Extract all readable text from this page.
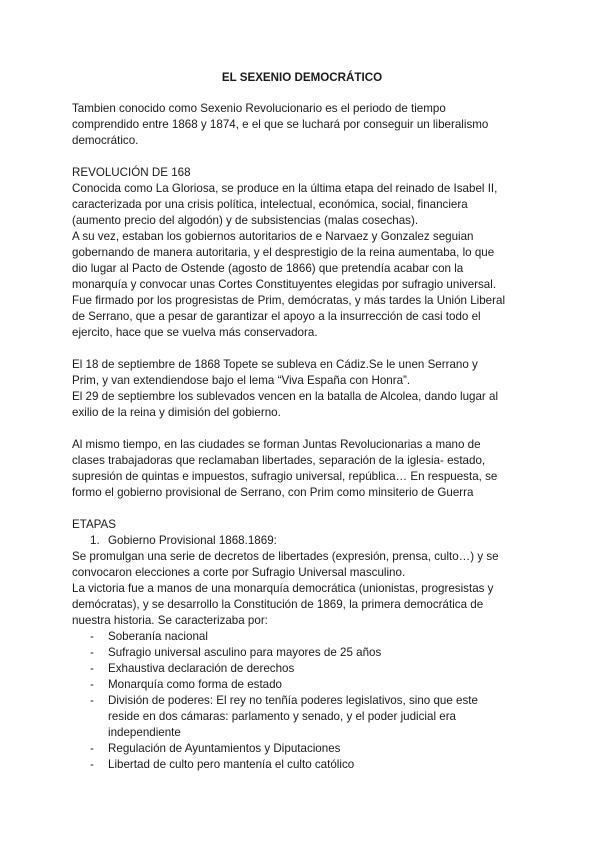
EL SEXENIO DEMOCRÁTICO
Tambien conocido como Sexenio Revolucionario es el periodo de tiempo
comprendido entre 1868 y 1874, e el que se luchará por conseguir un liberalismo
democrático.
REVOLUCIÓN DE 168
Conocida como La Gloriosa, se produce en la última etapa del reinado de Isabel II,
caracterizada por una crisis política, intelectual, económica, social, financiera
(aumento precio del algodón) y de subsistencias (malas cosechas).
A su vez, estaban los gobiernos autoritarios de e Narvaez y Gonzalez seguian
gobernando de manera autoritaria, y el desprestigio de la reina aumentaba, lo que
dio lugar al Pacto de Ostende (agosto de 1866) que pretendía acabar con la
monarquía y convocar unas Cortes Constituyentes elegidas por sufragio universal.
Fue firmado por los progresistas de Prim, demócratas, y más tardes la Unión Liberal
de Serrano, que a pesar de garantizar el apoyo a la insurrección de casi todo el
ejercito, hace que se vuelva más conservadora.
El 18 de septiembre de 1868 Topete se subleva en Cádiz.Se le unen Serrano y
Prim, y van extendiendose bajo el lema “Viva España con Honra”.
El 29 de septiembre los sublevados vencen en la batalla de Alcolea, dando lugar al
exilio de la reina y dimisión del gobierno.
Al mismo tiempo, en las ciudades se forman Juntas Revolucionarias a mano de
clases trabajadoras que reclamaban libertades, separación de la iglesia- estado,
supresión de quintas e impuestos, sufragio universal, república… En respuesta, se
formo el gobierno provisional de Serrano, con Prim como minsiterio de Guerra
ETAPAS
1. Gobierno Provisional 1868.1869:
Se promulgan una serie de decretos de libertades (expresión, prensa, culto…) y se
convocaron elecciones a corte por Sufragio Universal masculino.
La victoria fue a manos de una monarquía democrática (unionistas, progresistas y
demócratas), y se desarrollo la Constitución de 1869, la primera democrática de
nuestra historia. Se caracterizaba por:
- Soberanía nacional
- Sufragio universal asculino para mayores de 25 años
- Exhaustiva declaración de derechos
- Monarquía como forma de estado
- División de poderes: El rey no tenñía poderes legislativos, sino que este
reside en dos cámaras: parlamento y senado, y el poder judicial era
independiente
- Regulación de Ayuntamientos y Diputaciones
- Libertad de culto pero mantenía el culto católico
